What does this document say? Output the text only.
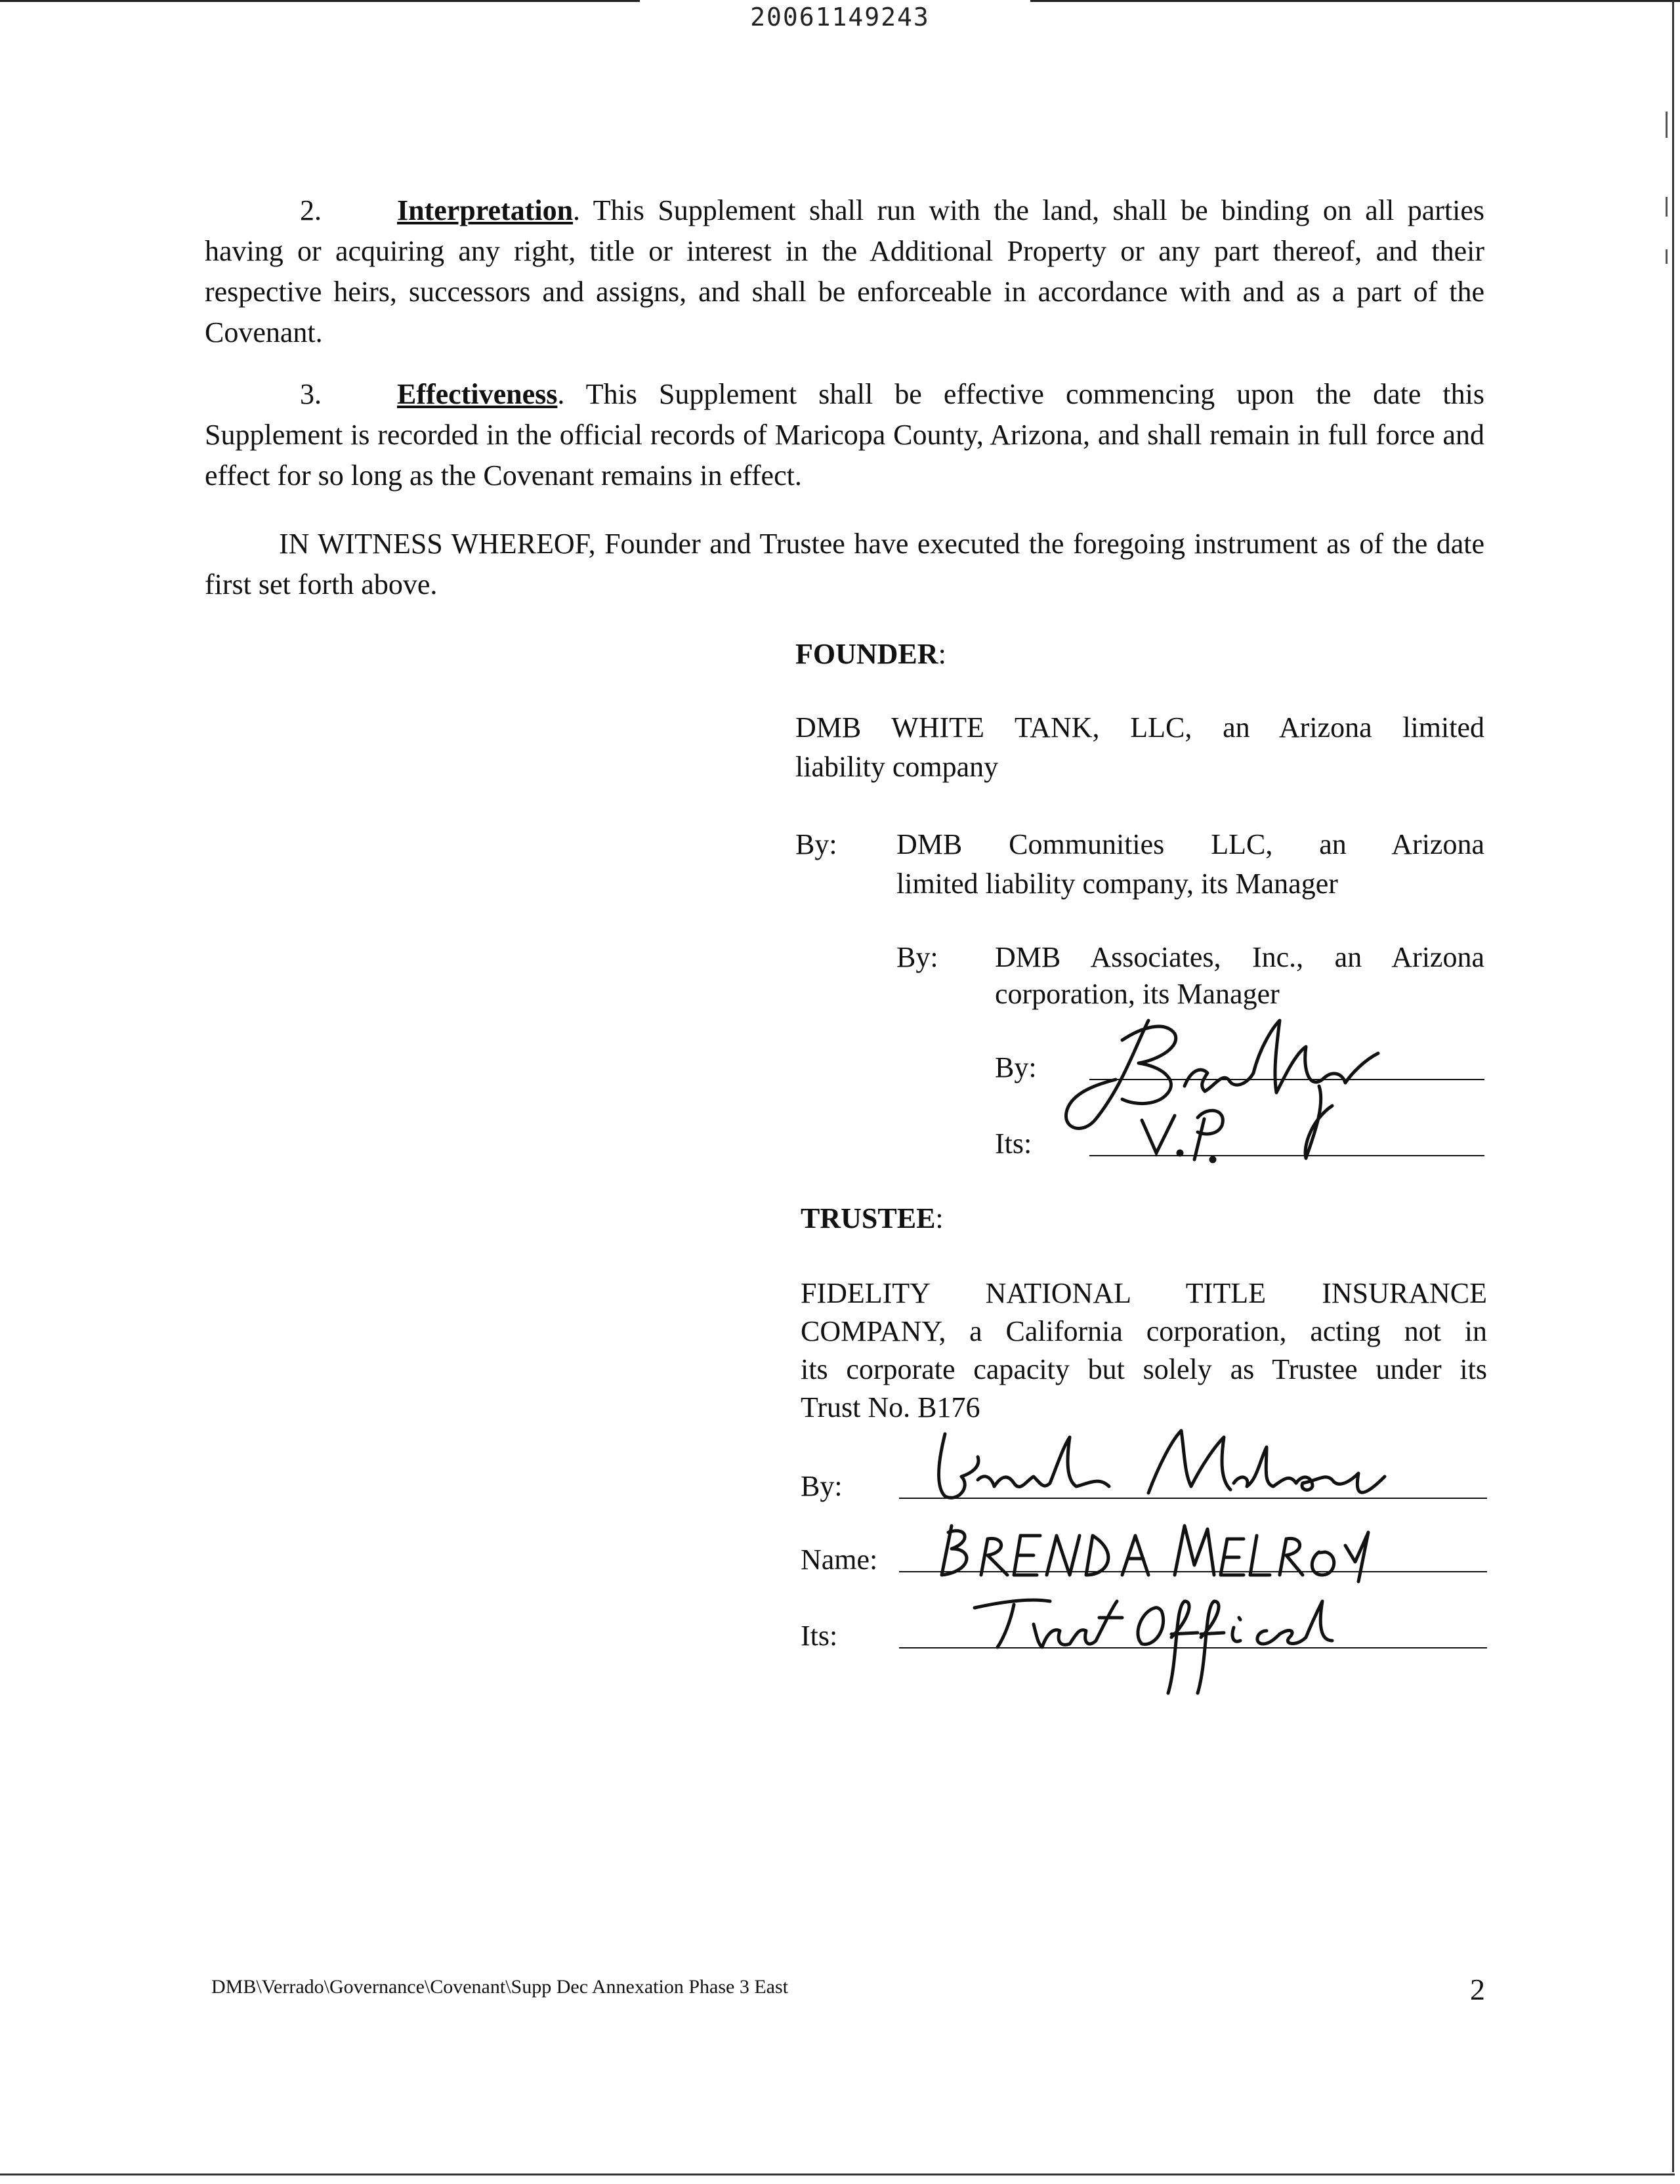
20061149243

2.	Interpretation. This Supplement shall run with the land, shall be binding on all parties having or acquiring any right, title or interest in the Additional Property or any part thereof, and their respective heirs, successors and assigns, and shall be enforceable in accordance with and as a part of the Covenant.

3.	Effectiveness. This Supplement shall be effective commencing upon the date this Supplement is recorded in the official records of Maricopa County, Arizona, and shall remain in full force and effect for so long as the Covenant remains in effect.

IN WITNESS WHEREOF, Founder and Trustee have executed the foregoing instrument as of the date first set forth above.

FOUNDER:

DMB WHITE TANK, LLC, an Arizona limited

liability company

By: DMB Communities LLC, an Arizona

limited liability company, its Manager

By: DMB Associates, Inc., an Arizona

corporation, its Manager

By:

Its:

TRUSTEE:

FIDELITY NATIONAL TITLE INSURANCE

COMPANY, a California corporation, acting not in

its corporate capacity but solely as Trustee under its

Trust No. B176

By:

Name:

Its:

DMB\Verrado\Governance\Covenant\Supp Dec Annexation Phase 3 East	2
